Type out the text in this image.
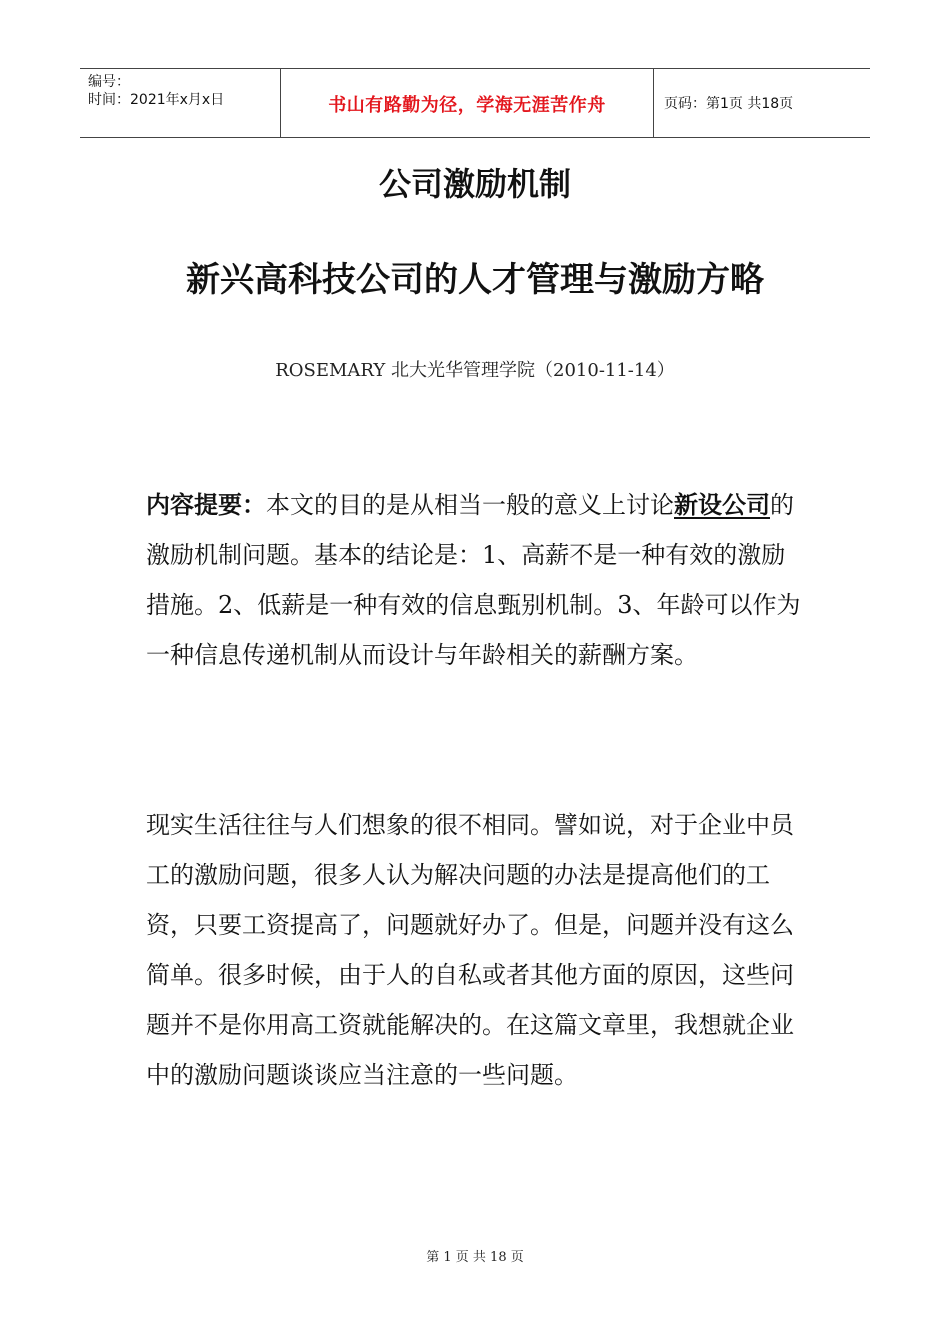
编号：
时间：2021年x月x日	书山有路勤为径，学海无涯苦作舟	页码：第1页 共18页
公司激励机制
新兴高科技公司的人才管理与激励方略
ROSEMARY 北大光华管理学院（2010-11-14）

内容提要：本文的目的是从相当一般的意义上讨论新设公司的激励机制问题。基本的结论是：1、高薪不是一种有效的激励措施。2、低薪是一种有效的信息甄别机制。3、年龄可以作为一种信息传递机制从而设计与年龄相关的薪酬方案。

现实生活往往与人们想象的很不相同。譬如说，对于企业中员工的激励问题，很多人认为解决问题的办法是提高他们的工资，只要工资提高了，问题就好办了。但是，问题并没有这么简单。很多时候，由于人的自私或者其他方面的原因，这些问题并不是你用高工资就能解决的。在这篇文章里，我想就企业中的激励问题谈谈应当注意的一些问题。

第 1 页 共 18 页
